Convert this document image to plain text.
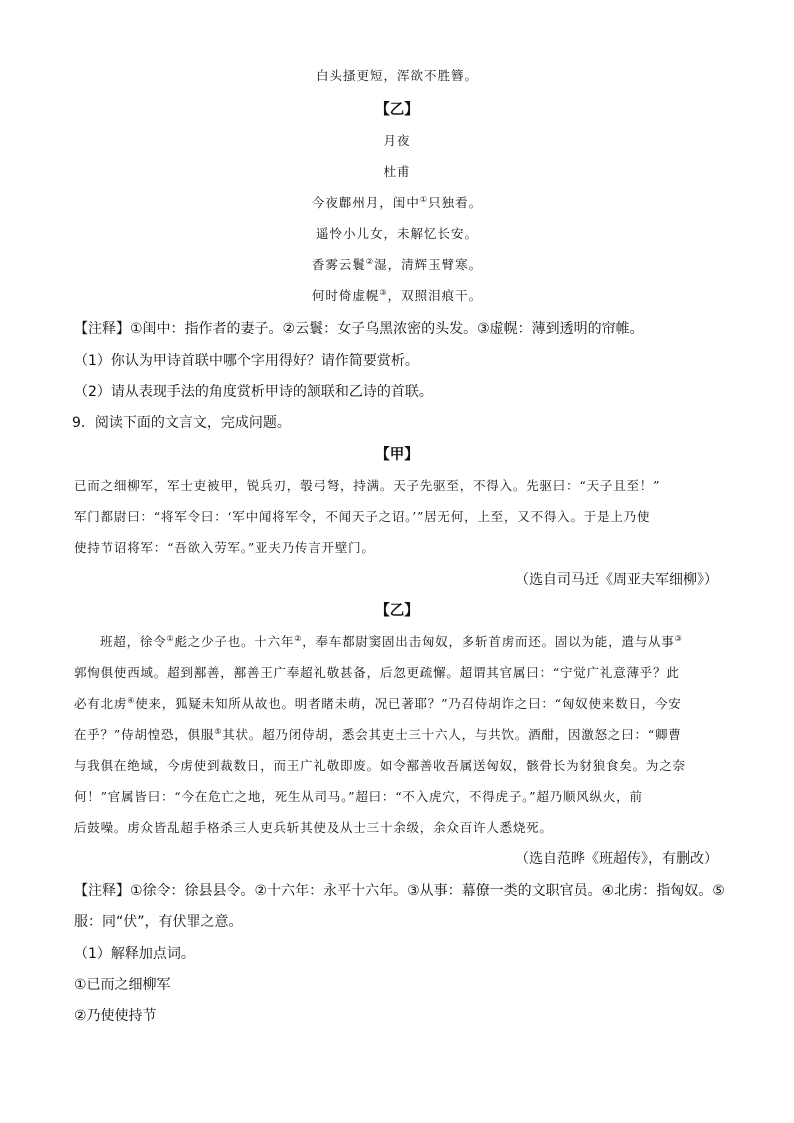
白头搔更短，浑欲不胜簪。
【乙】
月夜
杜甫
今夜鄜州月，闺中①只独看。
遥怜小儿女，未解忆长安。
香雾云鬟②湿，清辉玉臂寒。
何时倚虚幌③，双照泪痕干。
【注释】①闺中：指作者的妻子。②云鬟：女子乌黑浓密的头发。③虚幌：薄到透明的帘帷。
（1）你认为甲诗首联中哪个字用得好？请作简要赏析。
（2）请从表现手法的角度赏析甲诗的颔联和乙诗的首联。
9．阅读下面的文言文，完成问题。
【甲】
已而之细柳军，军士吏被甲，锐兵刃，彀弓弩，持满。天子先驱至，不得入。先驱曰：“天子且至！”
军门都尉曰：“将军令曰：‘军中闻将军令，不闻天子之诏。’”居无何，上至，又不得入。于是上乃使
使持节诏将军：“吾欲入劳军。”亚夫乃传言开壁门。
（选自司马迁《周亚夫军细柳》）
【乙】
班超，徐令①彪之少子也。十六年②，奉车都尉窦固出击匈奴，多斩首虏而还。固以为能，遣与从事③
郭恂俱使西域。超到鄯善，鄯善王广奉超礼敬甚备，后忽更疏懈。超谓其官属曰：“宁觉广礼意薄乎？此
必有北虏④使来，狐疑未知所从故也。明者睹未萌，况已著耶？”乃召侍胡诈之曰：“匈奴使来数日，今安
在乎？”侍胡惶恐，俱服⑤其状。超乃闭侍胡，悉会其吏士三十六人，与共饮。酒酣，因激怒之曰：“卿曹
与我俱在绝域，今虏使到裁数日，而王广礼敬即废。如令鄯善收吾属送匈奴，骸骨长为豺狼食矣。为之奈
何！”官属皆曰：“今在危亡之地，死生从司马。”超曰：“不入虎穴，不得虎子。”超乃顺风纵火，前
后鼓噪。虏众皆乱超手格杀三人吏兵斩其使及从士三十余级，余众百许人悉烧死。
（选自范晔《班超传》，有删改）
【注释】①徐令：徐县县令。②十六年：永平十六年。③从事：幕僚一类的文职官员。④北虏：指匈奴。⑤
服：同“伏”，有伏罪之意。
（1）解释加点词。
①已而之细柳军
②乃使使持节
